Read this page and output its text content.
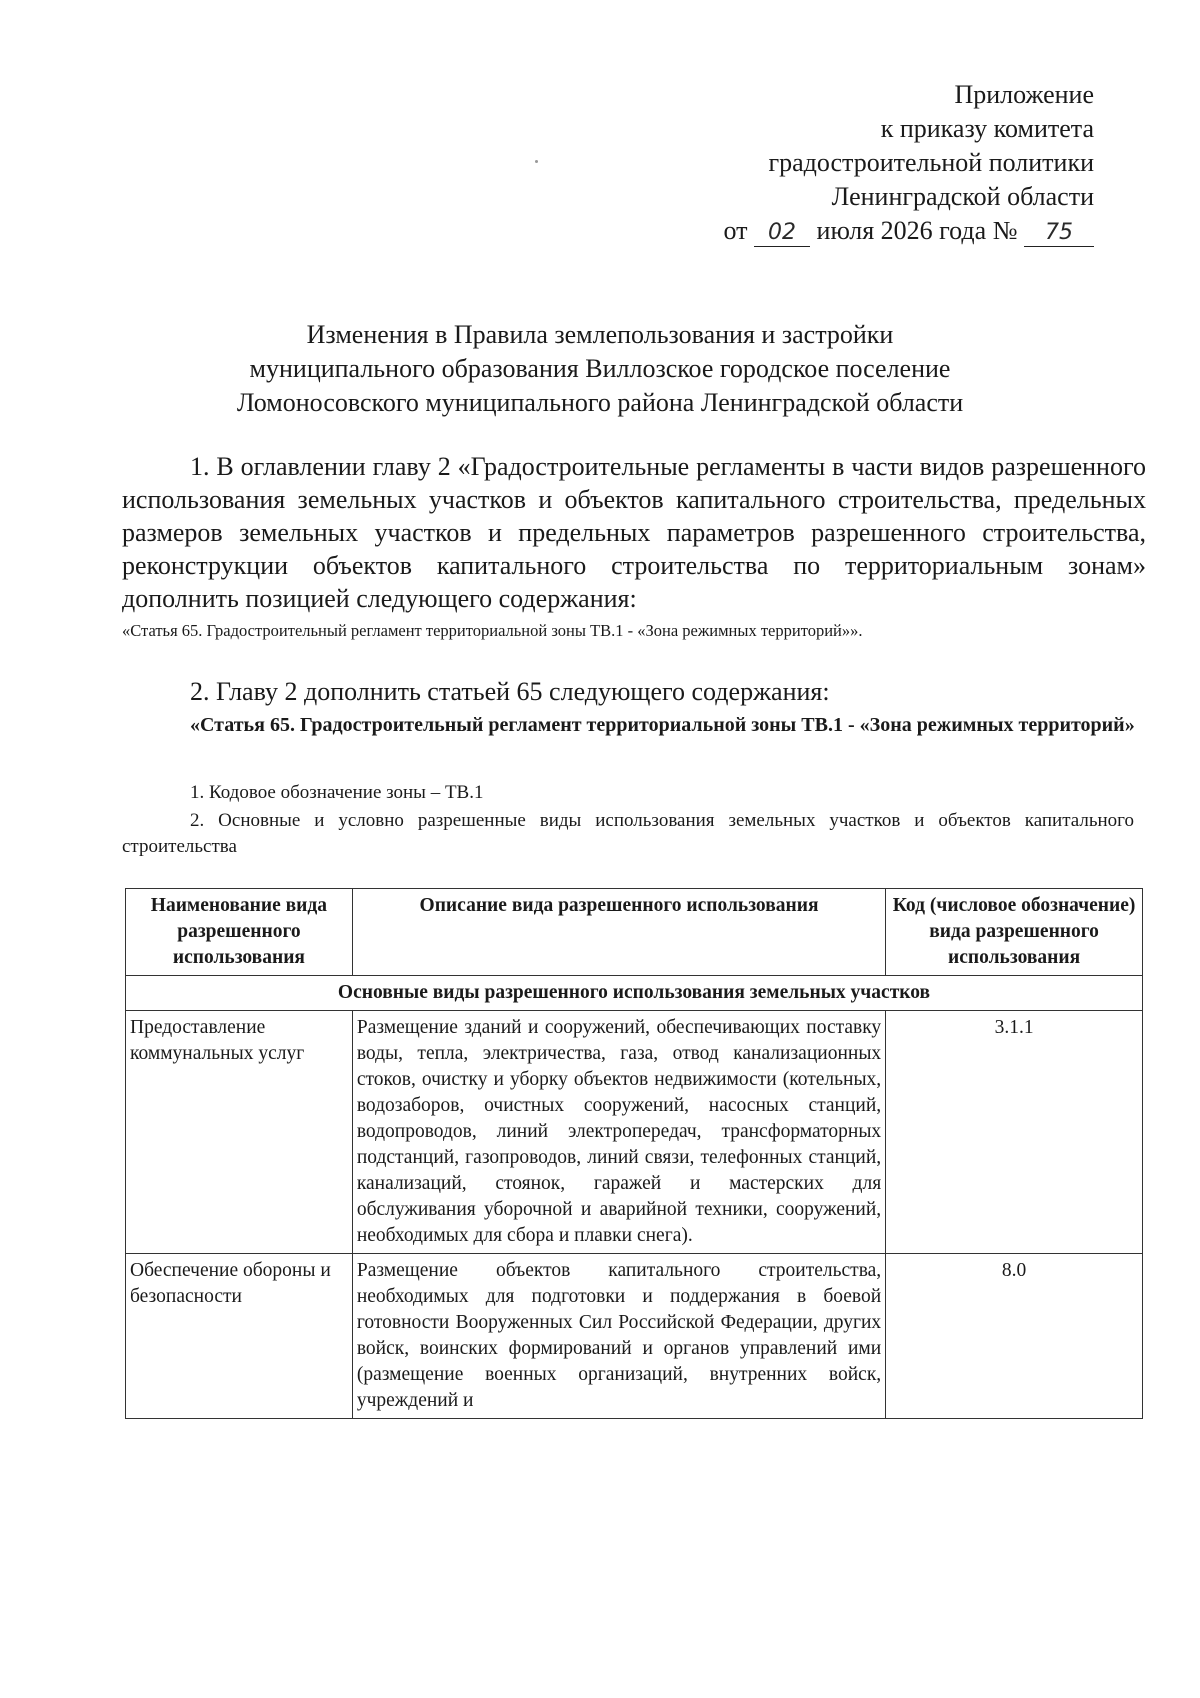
Приложение
к приказу комитета
градостроительной политики
Ленинградской области
от 02 июля 2026 года № 75
Изменения в Правила землепользования и застройки
муниципального образования Виллозское городское поселение
Ломоносовского муниципального района Ленинградской области
1. В оглавлении главу 2 «Градостроительные регламенты в части видов разрешенного использования земельных участков и объектов капитального строительства, предельных размеров земельных участков и предельных параметров разрешенного строительства, реконструкции объектов капитального строительства по территориальным зонам» дополнить позицией следующего содержания:
«Статья 65. Градостроительный регламент территориальной зоны ТВ.1 - «Зона режимных территорий»».
2. Главу 2 дополнить статьей 65 следующего содержания:
«Статья 65. Градостроительный регламент территориальной зоны ТВ.1 - «Зона режимных территорий»
1. Кодовое обозначение зоны – ТВ.1
2. Основные и условно разрешенные виды использования земельных участков и объектов капитального строительства
Наименование вида разрешенного использования	Описание вида разрешенного использования	Код (числовое обозначение) вида разрешенного использования
Основные виды разрешенного использования земельных участков		
Предоставление коммунальных услуг	Размещение зданий и сооружений, обеспечивающих поставку воды, тепла, электричества, газа, отвод канализационных стоков, очистку и уборку объектов недвижимости (котельных, водозаборов, очистных сооружений, насосных станций, водопроводов, линий электропередач, трансформаторных подстанций, газопроводов, линий связи, телефонных станций, канализаций, стоянок, гаражей и мастерских для обслуживания уборочной и аварийной техники, сооружений, необходимых для сбора и плавки снега).	3.1.1
Обеспечение обороны и безопасности	Размещение объектов капитального строительства, необходимых для подготовки и поддержания в боевой готовности Вооруженных Сил Российской Федерации, других войск, воинских формирований и органов управлений ими (размещение военных организаций, внутренних войск, учреждений и	8.0
